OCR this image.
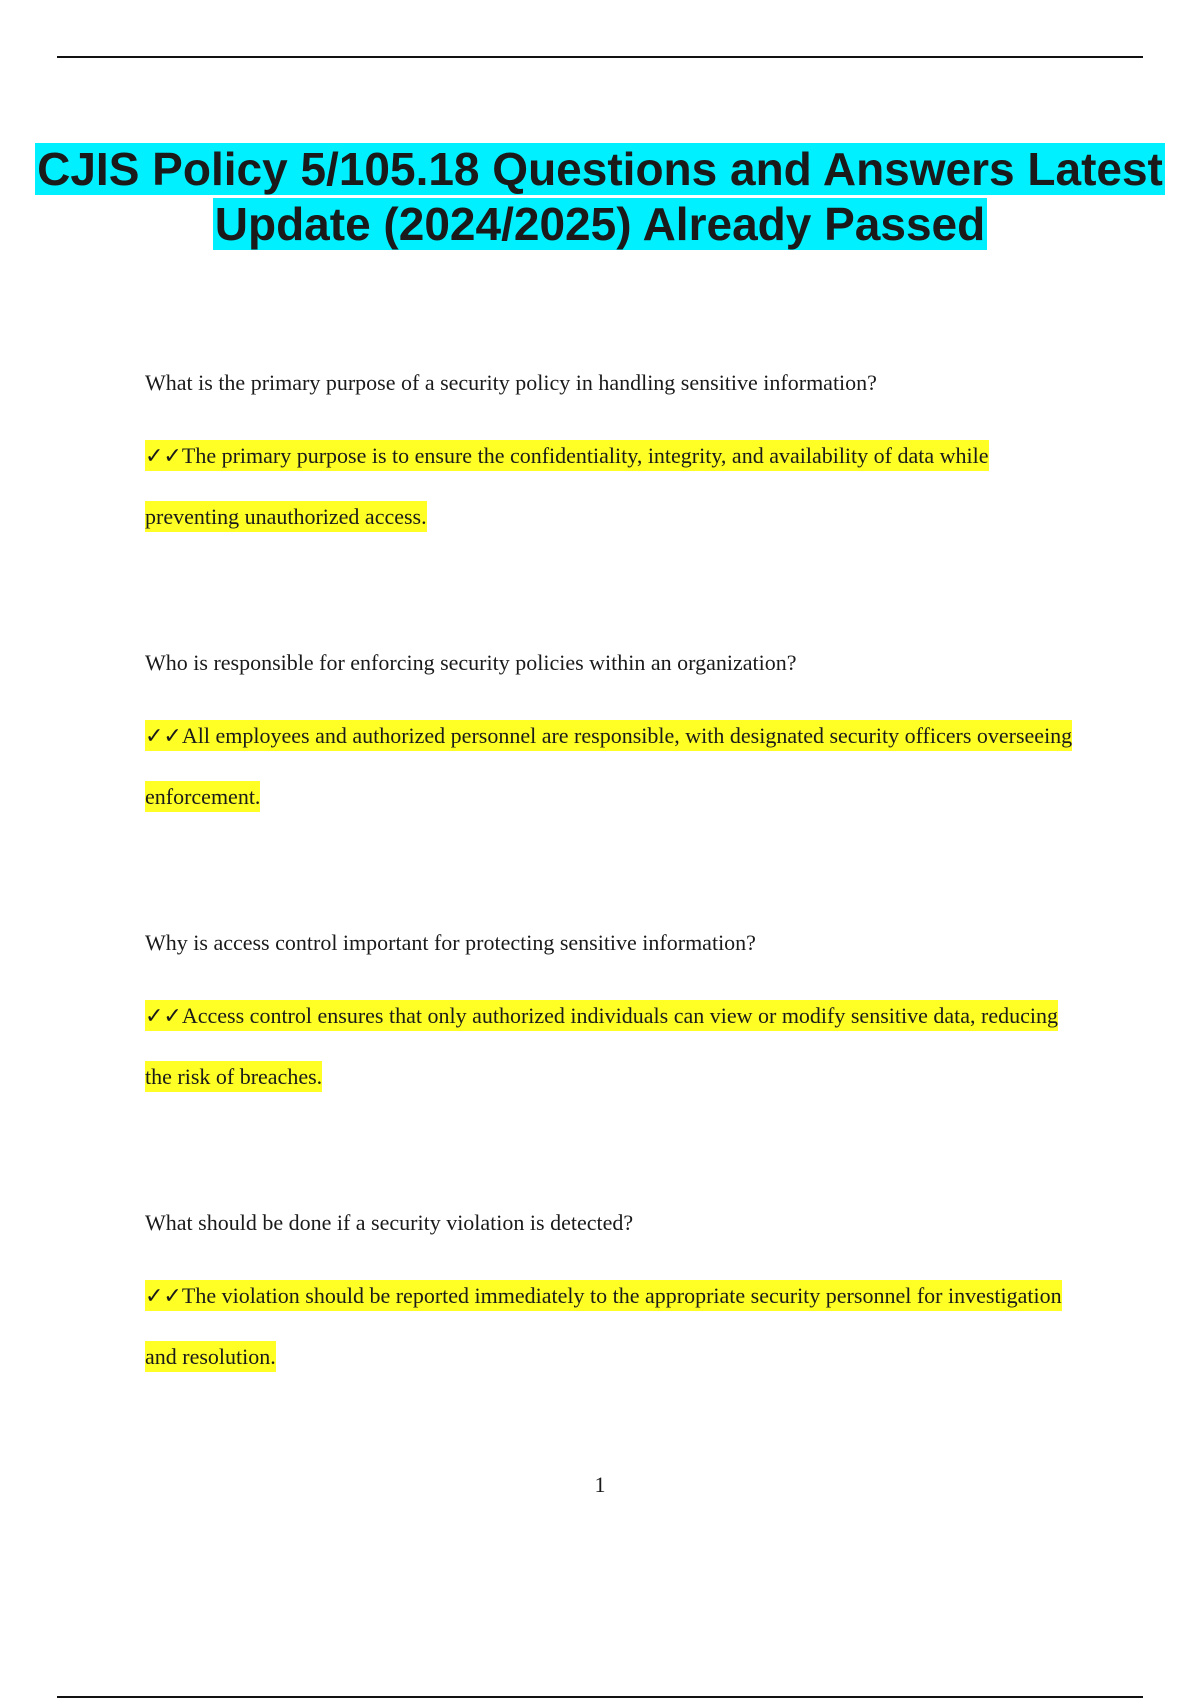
CJIS Policy 5/105.18 Questions and Answers Latest Update (2024/2025) Already Passed

What is the primary purpose of a security policy in handling sensitive information?

✓✓The primary purpose is to ensure the confidentiality, integrity, and availability of data while preventing unauthorized access.

Who is responsible for enforcing security policies within an organization?

✓✓All employees and authorized personnel are responsible, with designated security officers overseeing enforcement.

Why is access control important for protecting sensitive information?

✓✓Access control ensures that only authorized individuals can view or modify sensitive data, reducing the risk of breaches.

What should be done if a security violation is detected?

✓✓The violation should be reported immediately to the appropriate security personnel for investigation and resolution.

1
